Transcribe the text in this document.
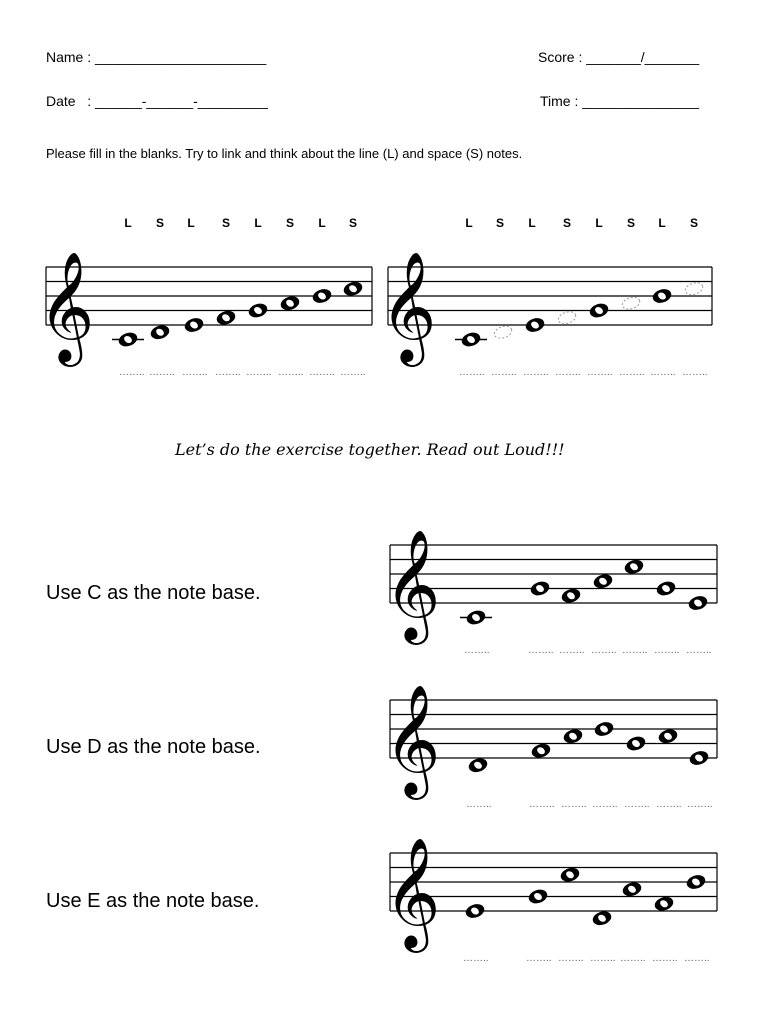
Name : ______________________	Score : _______/_______
Date   : ______-______-_________	Time : _______________
Please fill in the blanks. Try to link and think about the line (L) and space (S) notes.
L	S	L	S	L	S	L	S	L	S	L	S	L	S	L	S
𝄞	𝄞
𝄞
𝄞
𝄞
…….. …….. …….. …….. …….. …….. …….. ……..	…….. …….. …….. …….. …….. …….. …….. ……..
……..	…….. …….. …….. …….. …….. ……..
……..	…….. …….. …….. …….. …….. ……..
……..	…….. …….. …….. …….. …….. ……..
Let’s do the exercise together. Read out Loud!!!
Use C as the note base.
Use D as the note base.
Use E as the note base.
